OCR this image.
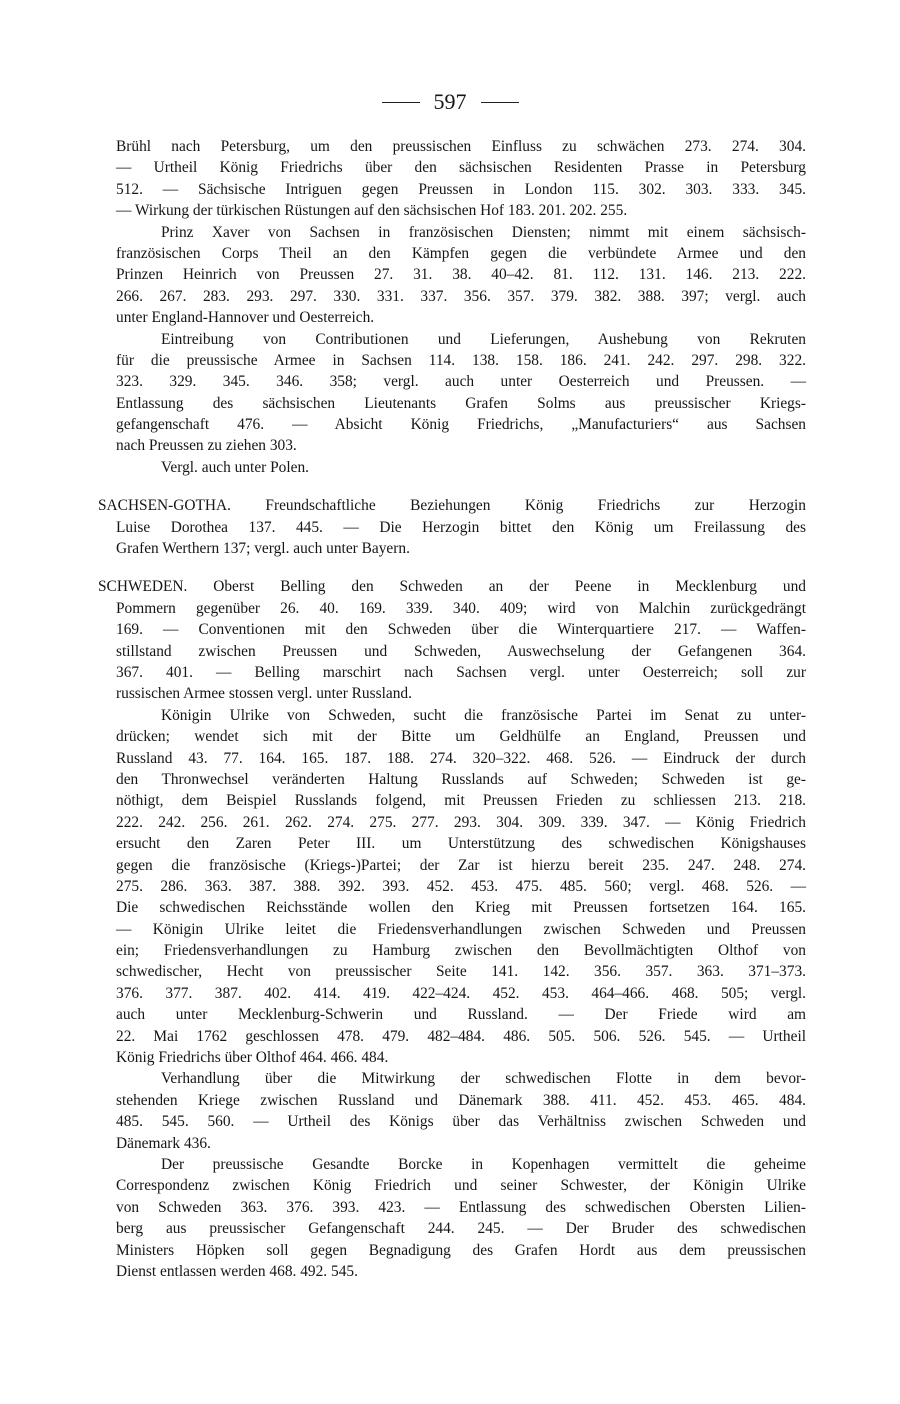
597
Brühl nach Petersburg, um den preussischen Einfluss zu schwächen 273. 274. 304.
— Urtheil König Friedrichs über den sächsischen Residenten Prasse in Petersburg
512. — Sächsische Intriguen gegen Preussen in London 115. 302. 303. 333. 345.
— Wirkung der türkischen Rüstungen auf den sächsischen Hof 183. 201. 202. 255.
Prinz Xaver von Sachsen in französischen Diensten; nimmt mit einem sächsisch-
französischen Corps Theil an den Kämpfen gegen die verbündete Armee und den
Prinzen Heinrich von Preussen 27. 31. 38. 40–42. 81. 112. 131. 146. 213. 222.
266. 267. 283. 293. 297. 330. 331. 337. 356. 357. 379. 382. 388. 397; vergl. auch
unter England-Hannover und Oesterreich.
Eintreibung von Contributionen und Lieferungen, Aushebung von Rekruten
für die preussische Armee in Sachsen 114. 138. 158. 186. 241. 242. 297. 298. 322.
323. 329. 345. 346. 358; vergl. auch unter Oesterreich und Preussen. —
Entlassung des sächsischen Lieutenants Grafen Solms aus preussischer Kriegs-
gefangenschaft 476. — Absicht König Friedrichs, „Manufacturiers“ aus Sachsen
nach Preussen zu ziehen 303.
Vergl. auch unter Polen.
SACHSEN-GOTHA. Freundschaftliche Beziehungen König Friedrichs zur Herzogin
Luise Dorothea 137. 445. — Die Herzogin bittet den König um Freilassung des
Grafen Werthern 137; vergl. auch unter Bayern.
SCHWEDEN. Oberst Belling den Schweden an der Peene in Mecklenburg und
Pommern gegenüber 26. 40. 169. 339. 340. 409; wird von Malchin zurückgedrängt
169. — Conventionen mit den Schweden über die Winterquartiere 217. — Waffen-
stillstand zwischen Preussen und Schweden, Auswechselung der Gefangenen 364.
367. 401. — Belling marschirt nach Sachsen vergl. unter Oesterreich; soll zur
russischen Armee stossen vergl. unter Russland.
Königin Ulrike von Schweden, sucht die französische Partei im Senat zu unter-
drücken; wendet sich mit der Bitte um Geldhülfe an England, Preussen und
Russland 43. 77. 164. 165. 187. 188. 274. 320–322. 468. 526. — Eindruck der durch
den Thronwechsel veränderten Haltung Russlands auf Schweden; Schweden ist ge-
nöthigt, dem Beispiel Russlands folgend, mit Preussen Frieden zu schliessen 213. 218.
222. 242. 256. 261. 262. 274. 275. 277. 293. 304. 309. 339. 347. — König Friedrich
ersucht den Zaren Peter III. um Unterstützung des schwedischen Königshauses
gegen die französische (Kriegs-)Partei; der Zar ist hierzu bereit 235. 247. 248. 274.
275. 286. 363. 387. 388. 392. 393. 452. 453. 475. 485. 560; vergl. 468. 526. —
Die schwedischen Reichsstände wollen den Krieg mit Preussen fortsetzen 164. 165.
— Königin Ulrike leitet die Friedensverhandlungen zwischen Schweden und Preussen
ein; Friedensverhandlungen zu Hamburg zwischen den Bevollmächtigten Olthof von
schwedischer, Hecht von preussischer Seite 141. 142. 356. 357. 363. 371–373.
376. 377. 387. 402. 414. 419. 422–424. 452. 453. 464–466. 468. 505; vergl.
auch unter Mecklenburg-Schwerin und Russland. — Der Friede wird am
22. Mai 1762 geschlossen 478. 479. 482–484. 486. 505. 506. 526. 545. — Urtheil
König Friedrichs über Olthof 464. 466. 484.
Verhandlung über die Mitwirkung der schwedischen Flotte in dem bevor-
stehenden Kriege zwischen Russland und Dänemark 388. 411. 452. 453. 465. 484.
485. 545. 560. — Urtheil des Königs über das Verhältniss zwischen Schweden und
Dänemark 436.
Der preussische Gesandte Borcke in Kopenhagen vermittelt die geheime
Correspondenz zwischen König Friedrich und seiner Schwester, der Königin Ulrike
von Schweden 363. 376. 393. 423. — Entlassung des schwedischen Obersten Lilien-
berg aus preussischer Gefangenschaft 244. 245. — Der Bruder des schwedischen
Ministers Höpken soll gegen Begnadigung des Grafen Hordt aus dem preussischen
Dienst entlassen werden 468. 492. 545.
